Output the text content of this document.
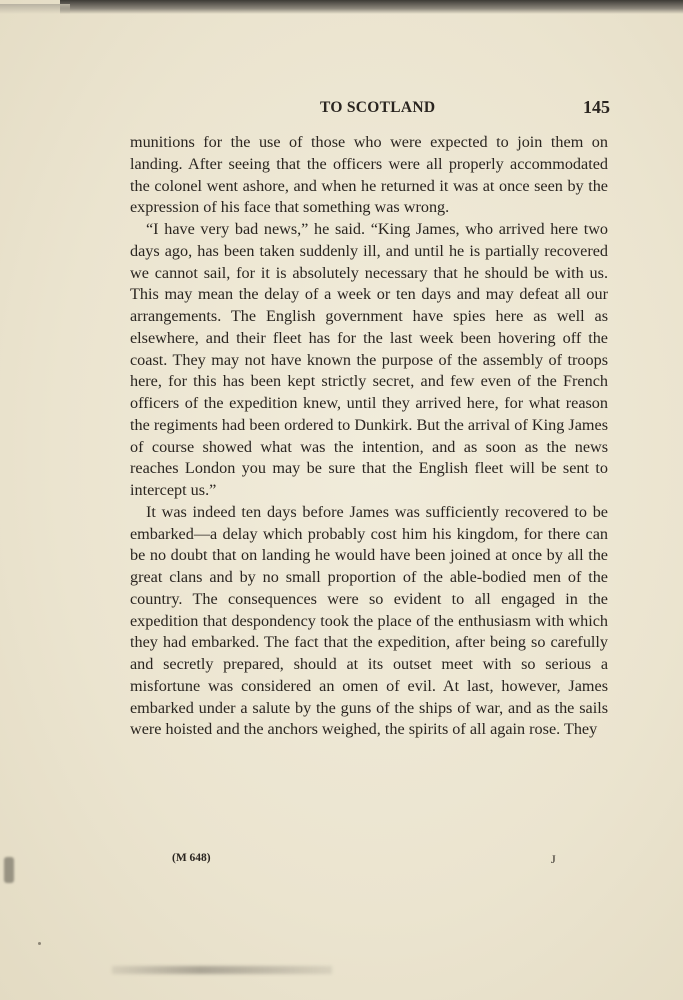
TO SCOTLAND	145

munitions for the use of those who were expected to join them on landing. After seeing that the officers were all properly accommodated the colonel went ashore, and when he returned it was at once seen by the expression of his face that something was wrong.

“I have very bad news,” he said. “King James, who arrived here two days ago, has been taken suddenly ill, and until he is partially recovered we cannot sail, for it is absolutely necessary that he should be with us. This may mean the delay of a week or ten days and may defeat all our arrangements. The English government have spies here as well as elsewhere, and their fleet has for the last week been hovering off the coast. They may not have known the purpose of the assembly of troops here, for this has been kept strictly secret, and few even of the French officers of the expedition knew, until they arrived here, for what reason the regiments had been ordered to Dunkirk. But the arrival of King James of course showed what was the intention, and as soon as the news reaches London you may be sure that the English fleet will be sent to intercept us.”

It was indeed ten days before James was sufficiently recovered to be embarked—a delay which probably cost him his kingdom, for there can be no doubt that on landing he would have been joined at once by all the great clans and by no small proportion of the able-bodied men of the country. The consequences were so evident to all engaged in the expedition that despondency took the place of the enthusiasm with which they had embarked. The fact that the expedition, after being so carefully and secretly prepared, should at its outset meet with so serious a misfortune was considered an omen of evil. At last, however, James embarked under a salute by the guns of the ships of war, and as the sails were hoisted and the anchors weighed, the spirits of all again rose. They

(M 648)	J
